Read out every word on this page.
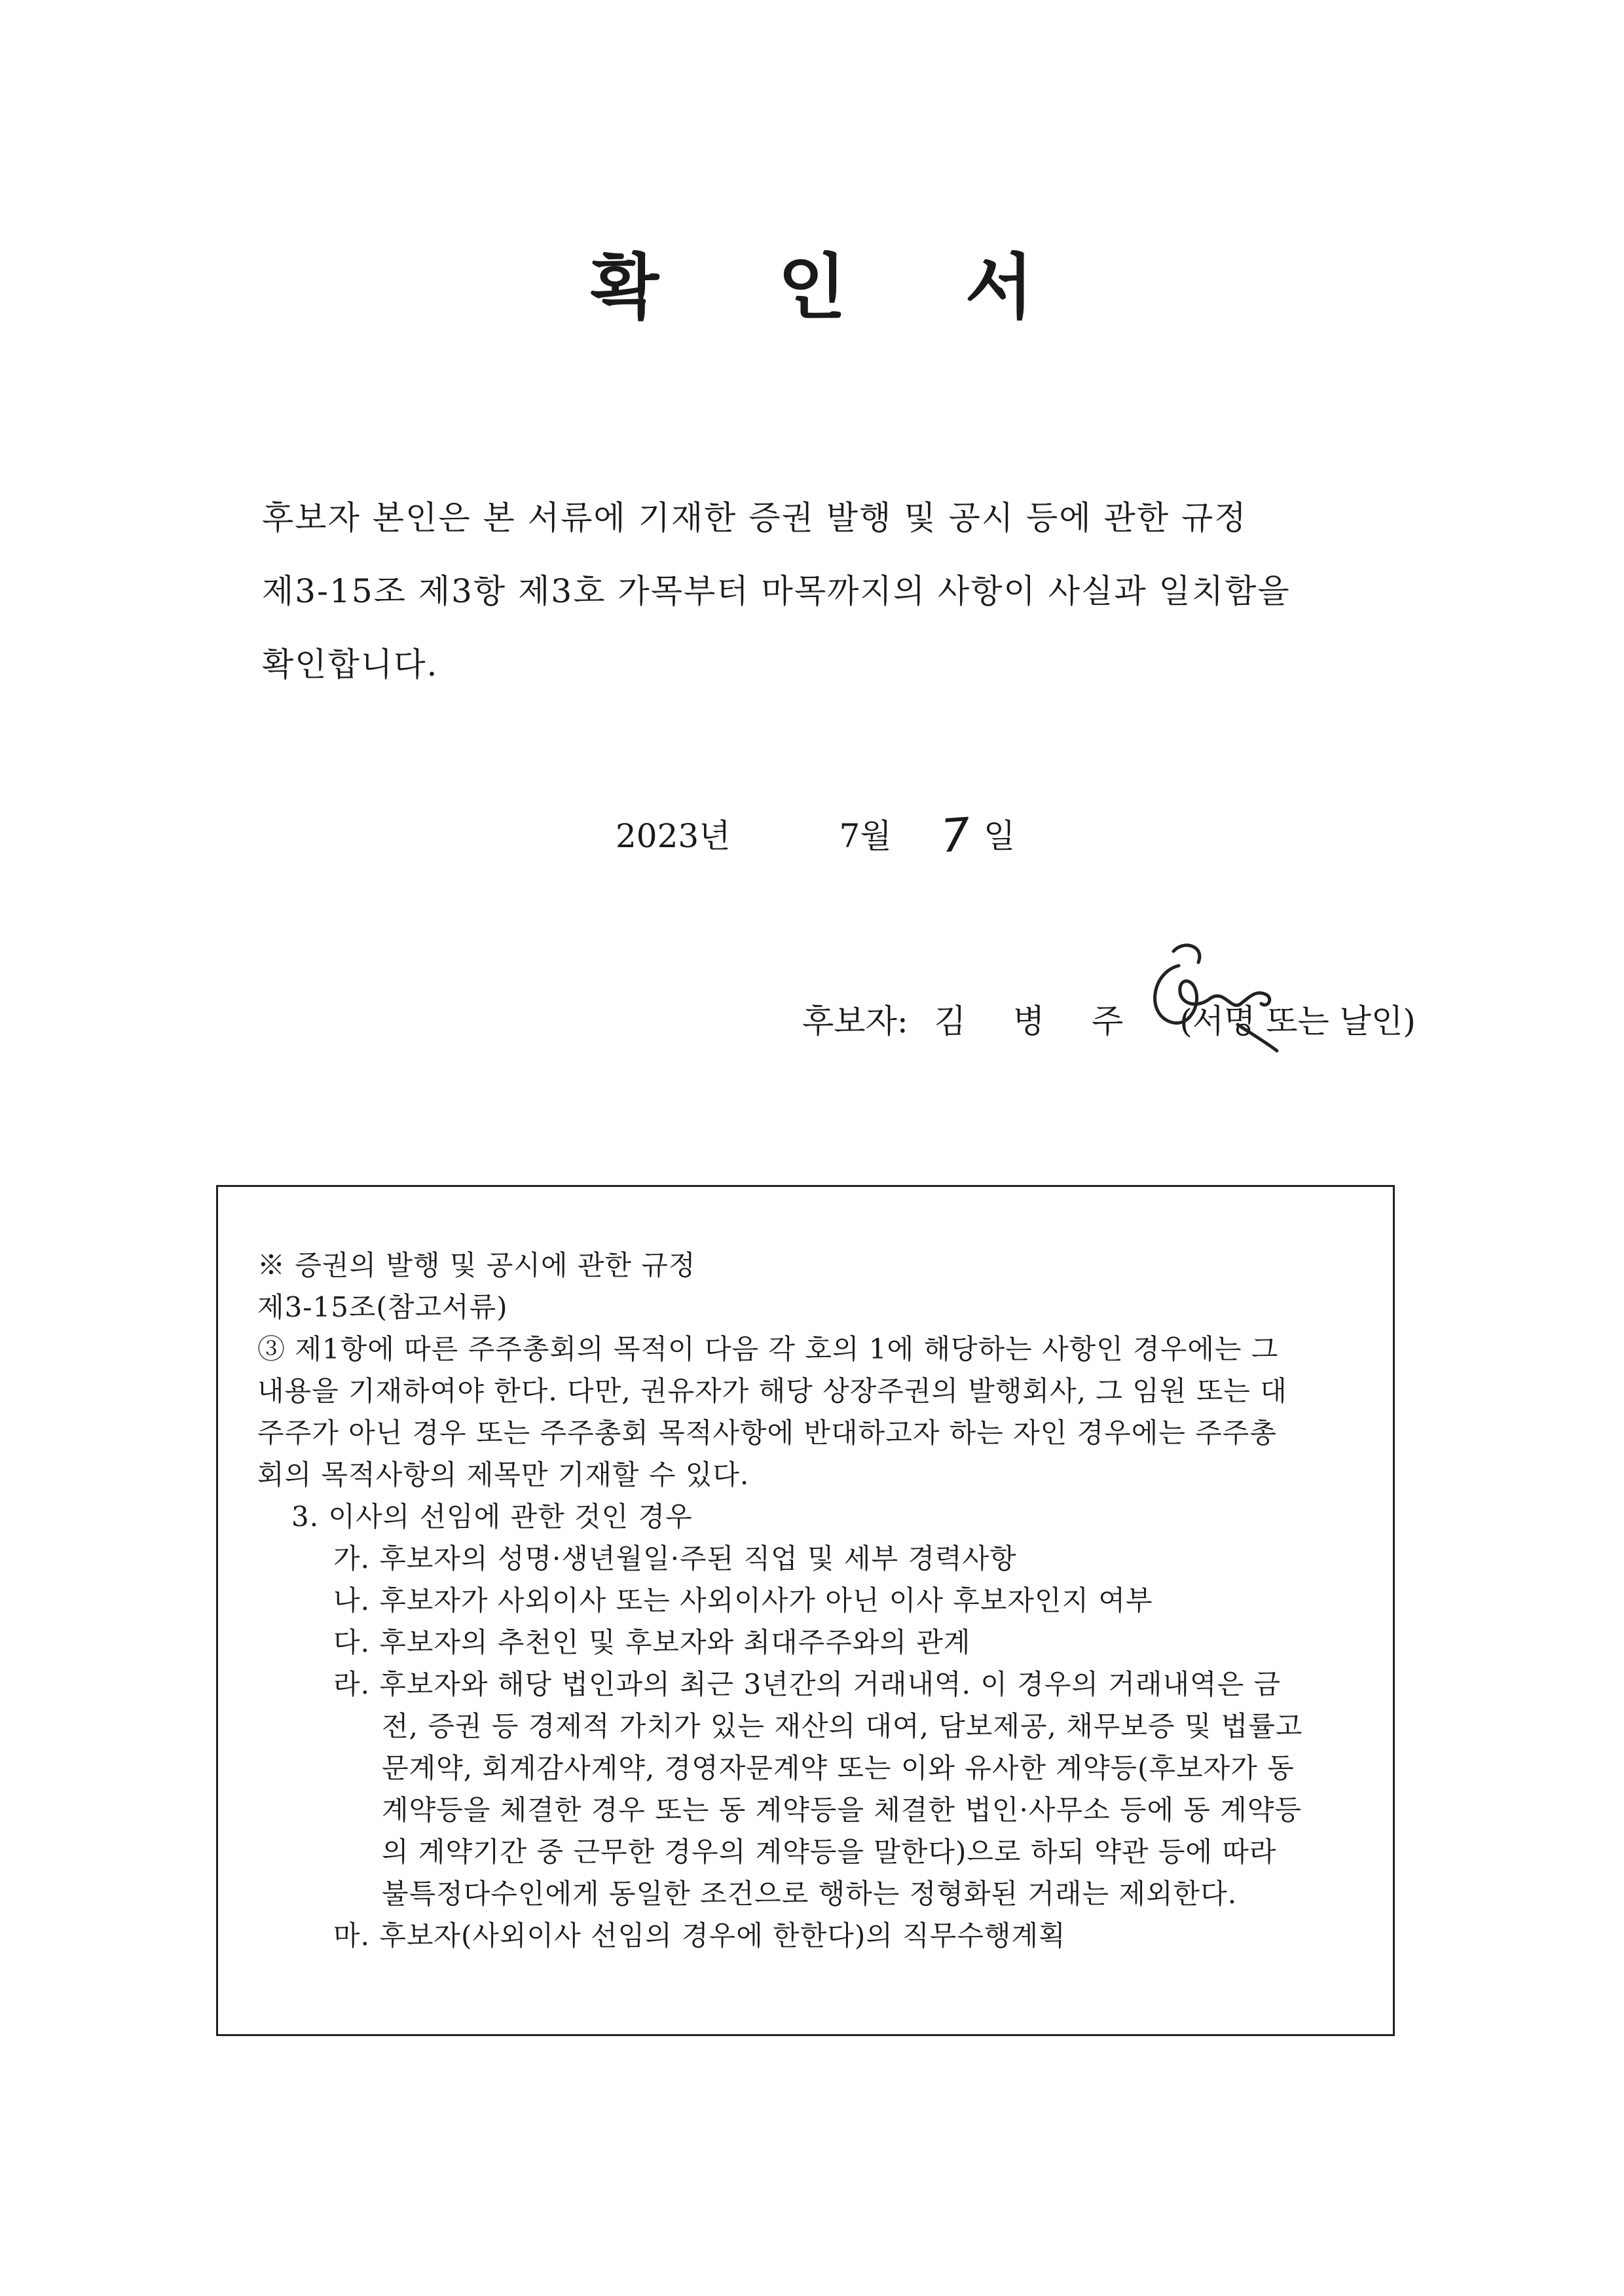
확 인 서
후보자 본인은 본 서류에 기재한 증권 발행 및 공시 등에 관한 규정
제3-15조 제3항 제3호 가목부터 마목까지의 사항이 사실과 일치함을
확인합니다.
2023년	7월 7 일
후보자: 김 병 주 (서명 또는 날인)
※ 증권의 발행 및 공시에 관한 규정
제3-15조(참고서류)
③ 제1항에 따른 주주총회의 목적이 다음 각 호의 1에 해당하는 사항인 경우에는 그
내용을 기재하여야 한다. 다만, 권유자가 해당 상장주권의 발행회사, 그 임원 또는 대
주주가 아닌 경우 또는 주주총회 목적사항에 반대하고자 하는 자인 경우에는 주주총
회의 목적사항의 제목만 기재할 수 있다.
3. 이사의 선임에 관한 것인 경우
가. 후보자의 성명·생년월일·주된 직업 및 세부 경력사항
나. 후보자가 사외이사 또는 사외이사가 아닌 이사 후보자인지 여부
다. 후보자의 추천인 및 후보자와 최대주주와의 관계
라. 후보자와 해당 법인과의 최근 3년간의 거래내역. 이 경우의 거래내역은 금
전, 증권 등 경제적 가치가 있는 재산의 대여, 담보제공, 채무보증 및 법률고
문계약, 회계감사계약, 경영자문계약 또는 이와 유사한 계약등(후보자가 동
계약등을 체결한 경우 또는 동 계약등을 체결한 법인·사무소 등에 동 계약등
의 계약기간 중 근무한 경우의 계약등을 말한다)으로 하되 약관 등에 따라
불특정다수인에게 동일한 조건으로 행하는 정형화된 거래는 제외한다.
마. 후보자(사외이사 선임의 경우에 한한다)의 직무수행계획
